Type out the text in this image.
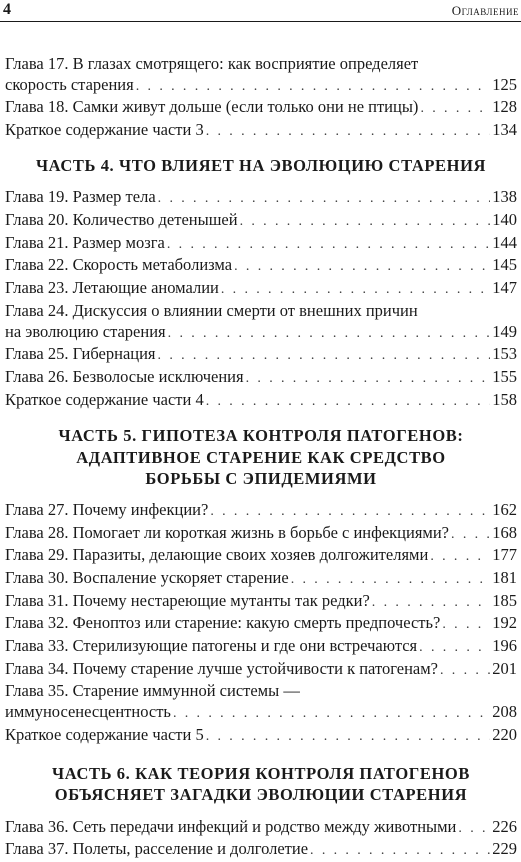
4	Оглавление
Глава 17. В глазах смотрящего: как восприятие определяет
скорость старения . . .	125
Глава 18. Самки живут дольше (если только они не птицы) . . .	128
Краткое содержание части 3 . . .	134
ЧАСТЬ 4. ЧТО ВЛИЯЕТ НА ЭВОЛЮЦИЮ СТАРЕНИЯ
Глава 19. Размер тела . . .	138
Глава 20. Количество детенышей . . .	140
Глава 21. Размер мозга . . .	144
Глава 22. Скорость метаболизма . . .	145
Глава 23. Летающие аномалии . . .	147
Глава 24. Дискуссия о влиянии смерти от внешних причин
на эволюцию старения . . .	149
Глава 25. Гибернация . . .	153
Глава 26. Безволосые исключения . . .	155
Краткое содержание части 4 . . .	158
ЧАСТЬ 5. ГИПОТЕЗА КОНТРОЛЯ ПАТОГЕНОВ:
АДАПТИВНОЕ СТАРЕНИЕ КАК СРЕДСТВО
БОРЬБЫ С ЭПИДЕМИЯМИ
Глава 27. Почему инфекции? . . .	162
Глава 28. Помогает ли короткая жизнь в борьбе с инфекциями? . . .	168
Глава 29. Паразиты, делающие своих хозяев долгожителями . . .	177
Глава 30. Воспаление ускоряет старение . . .	181
Глава 31. Почему нестареющие мутанты так редки? . . .	185
Глава 32. Феноптоз или старение: какую смерть предпочесть? . . .	192
Глава 33. Стерилизующие патогены и где они встречаются . . .	196
Глава 34. Почему старение лучше устойчивости к патогенам? . . .	201
Глава 35. Старение иммунной системы —
иммуносенесцентность . . .	208
Краткое содержание части 5 . . .	220
ЧАСТЬ 6. КАК ТЕОРИЯ КОНТРОЛЯ ПАТОГЕНОВ
ОБЪЯСНЯЕТ ЗАГАДКИ ЭВОЛЮЦИИ СТАРЕНИЯ
Глава 36. Сеть передачи инфекций и родство между животными . . . 226
Глава 37. Полеты, расселение и долголетие . . .	229
